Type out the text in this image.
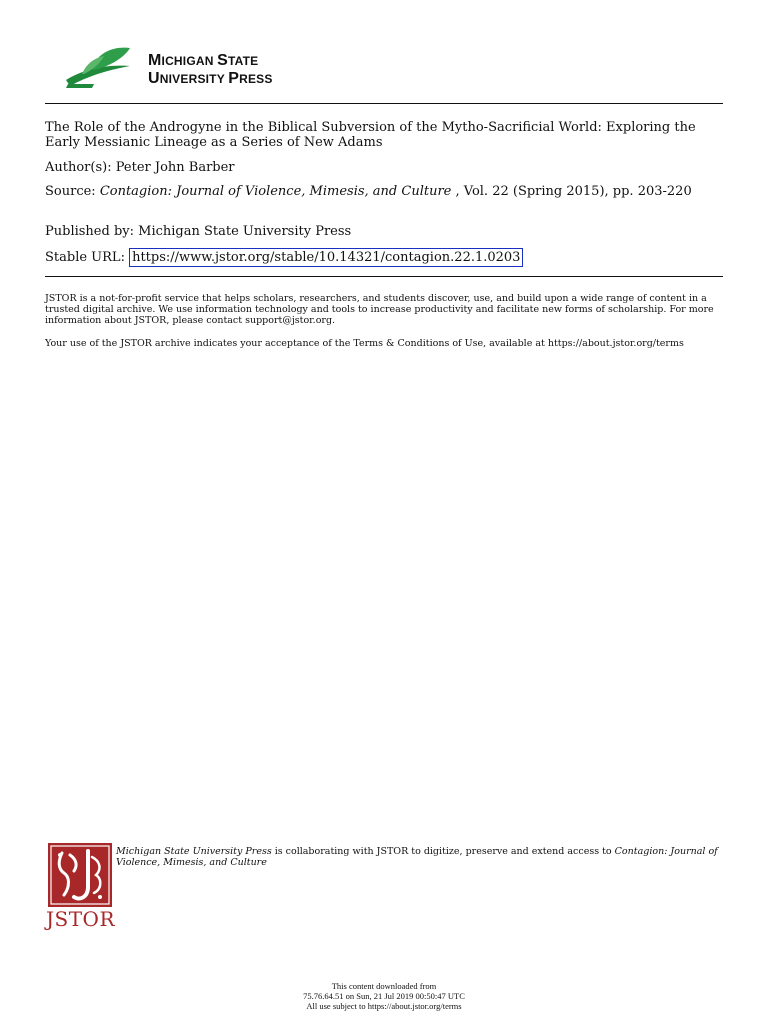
MICHIGAN STATE
UNIVERSITY PRESS
The Role of the Androgyne in the Biblical Subversion of the Mytho-Sacrificial World: Exploring the Early Messianic Lineage as a Series of New Adams
Author(s): Peter John Barber
Source: Contagion: Journal of Violence, Mimesis, and Culture , Vol. 22 (Spring 2015), pp. 203-220
Published by: Michigan State University Press
Stable URL: https://www.jstor.org/stable/10.14321/contagion.22.1.0203
JSTOR is a not-for-profit service that helps scholars, researchers, and students discover, use, and build upon a wide range of content in a trusted digital archive. We use information technology and tools to increase productivity and facilitate new forms of scholarship. For more information about JSTOR, please contact support@jstor.org.
Your use of the JSTOR archive indicates your acceptance of the Terms & Conditions of Use, available at https://about.jstor.org/terms
JSTOR
Michigan State University Press is collaborating with JSTOR to digitize, preserve and extend access to Contagion: Journal of Violence, Mimesis, and Culture
This content downloaded from
75.76.64.51 on Sun, 21 Jul 2019 00:50:47 UTC
All use subject to https://about.jstor.org/terms
